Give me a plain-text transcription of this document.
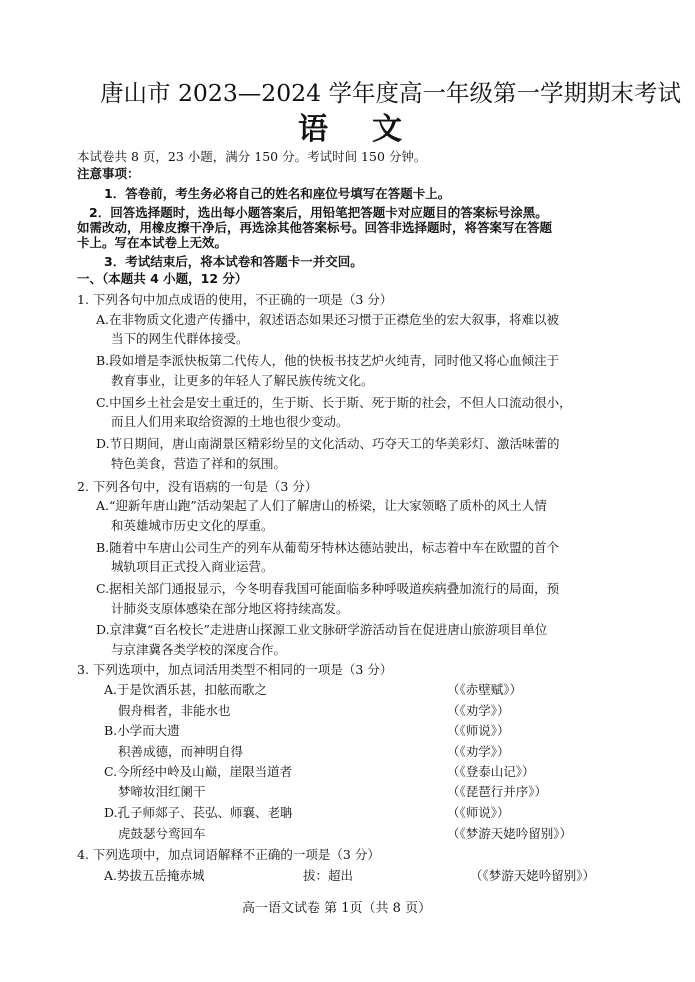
唐山市 2023—2024 学年度高一年级第一学期期末考试
语 文
本试卷共 8 页，23 小题，满分 150 分。考试时间 150 分钟。
注意事项：
1．答卷前，考生务必将自己的姓名和座位号填写在答题卡上。
2．回答选择题时，选出每小题答案后，用铅笔把答题卡对应题目的答案标号涂黑。
如需改动，用橡皮擦干净后，再选涂其他答案标号。回答非选择题时，将答案写在答题
卡上。写在本试卷上无效。
3．考试结束后，将本试卷和答题卡一并交回。
一、（本题共 4 小题，12 分）
1. 下列各句中加点成语的使用，不正确的一项是（3 分）
A.在非物质文化遗产传播中，叙述语态如果还习惯于正襟危坐的宏大叙事，将难以被
当下的网生代群体接受。
B.段如增是李派快板第二代传人，他的快板书技艺炉火纯青，同时他又将心血倾注于
教育事业，让更多的年轻人了解民族传统文化。
C.中国乡土社会是安土重迁的，生于斯、长于斯、死于斯的社会，不但人口流动很小，
而且人们用来取给资源的土地也很少变动。
D.节日期间，唐山南湖景区精彩纷呈的文化活动、巧夺天工的华美彩灯、激活味蕾的
特色美食，营造了祥和的氛围。
2. 下列各句中，没有语病的一句是（3 分）
A.“迎新年唐山跑”活动架起了人们了解唐山的桥梁，让大家领略了质朴的风土人情
和英雄城市历史文化的厚重。
B.随着中车唐山公司生产的列车从葡萄牙特林达德站驶出，标志着中车在欧盟的首个
城轨项目正式投入商业运营。
C.据相关部门通报显示，今冬明春我国可能面临多种呼吸道疾病叠加流行的局面，预
计肺炎支原体感染在部分地区将持续高发。
D.京津冀“百名校长”走进唐山探源工业文脉研学游活动旨在促进唐山旅游项目单位
与京津冀各类学校的深度合作。
3. 下列选项中，加点词活用类型不相同的一项是（3 分）
A.于是饮酒乐甚，扣舷而歌之	（《赤壁赋》）
假舟楫者，非能水也	（《劝学》）
B.小学而大遗	（《师说》）
积善成德，而神明自得	（《劝学》）
C.今所经中岭及山巅，崖限当道者	（《登泰山记》）
梦啼妆泪红阑干	（《琵琶行并序》）
D.孔子师郯子、苌弘、师襄、老聃	（《师说》）
虎鼓瑟兮鸾回车	（《梦游天姥吟留别》）
4. 下列选项中，加点词语解释不正确的一项是（3 分）
A.势拔五岳掩赤城	拔：超出	（《梦游天姥吟留别》）
高一语文试卷 第 1页（共 8 页）
